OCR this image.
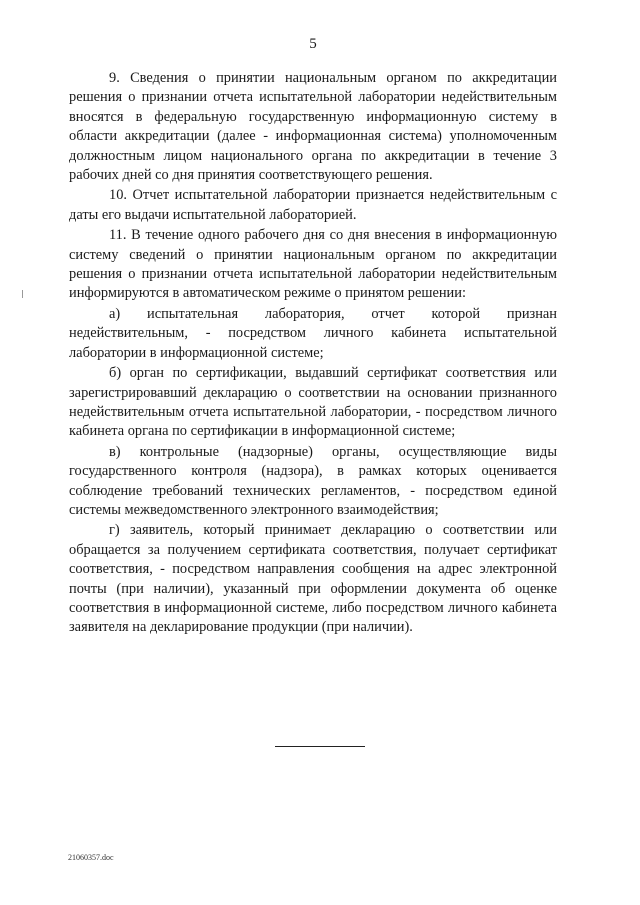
5

9. Сведения о принятии национальным органом по аккредитации решения о признании отчета испытательной лаборатории недействительным вносятся в федеральную государственную информационную систему в области аккредитации (далее - информационная система) уполномоченным должностным лицом национального органа по аккредитации в течение 3 рабочих дней со дня принятия соответствующего решения.

10. Отчет испытательной лаборатории признается недействительным с даты его выдачи испытательной лабораторией.

11. В течение одного рабочего дня со дня внесения в информационную систему сведений о принятии национальным органом по аккредитации решения о признании отчета испытательной лаборатории недействительным информируются в автоматическом режиме о принятом решении:

а) испытательная лаборатория, отчет которой признан недействительным, - посредством личного кабинета испытательной лаборатории в информационной системе;

б) орган по сертификации, выдавший сертификат соответствия или зарегистрировавший декларацию о соответствии на основании признанного недействительным отчета испытательной лаборатории, - посредством личного кабинета органа по сертификации в информационной системе;

в) контрольные (надзорные) органы, осуществляющие виды государственного контроля (надзора), в рамках которых оценивается соблюдение требований технических регламентов, - посредством единой системы межведомственного электронного взаимодействия;

г) заявитель, который принимает декларацию о соответствии или обращается за получением сертификата соответствия, получает сертификат соответствия, - посредством направления сообщения на адрес электронной почты (при наличии), указанный при оформлении документа об оценке соответствия в информационной системе, либо посредством личного кабинета заявителя на декларирование продукции (при наличии).

21060357.doc
